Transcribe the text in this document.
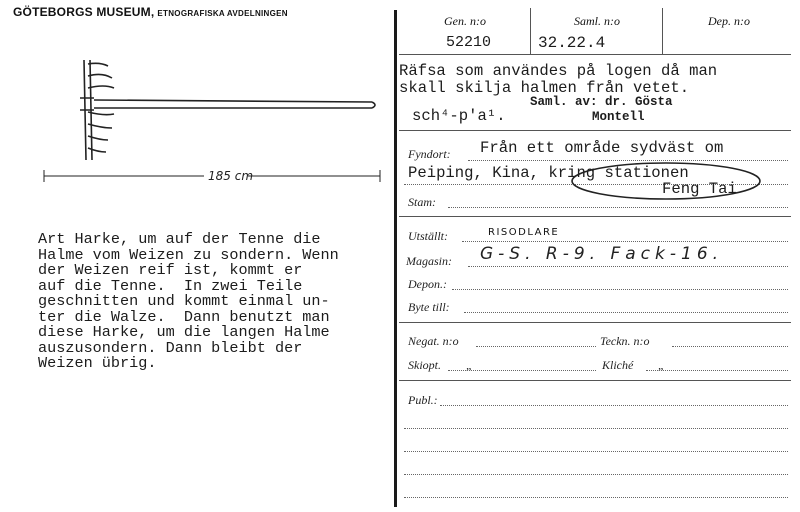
GÖTEBORGS MUSEUM, ETNOGRAFISKA AVDELNINGEN
185 cm
Art Harke, um auf der Tenne die
Halme vom Weizen zu sondern. Wenn
der Weizen reif ist, kommt er
auf die Tenne.  In zwei Teile
geschnitten und kommt einmal un-
ter die Walze.  Dann benutzt man
diese Harke, um die langen Halme
auszusondern. Dann bleibt der
Weizen übrig.
Gen. n:o	Saml. n:o	Dep. n:o
52210	32.22.4
Räfsa som användes på logen då man
skall skilja halmen från vetet.
sch⁴-p'a¹.
Saml. av: dr. Gösta
Montell
Fyndort: Från ett område sydväst om
Peiping, Kina, kring stationen
Feng Tai
Stam:
Utställt:	RISODLARE
Magasin: G-S. R-9. Fack-16.
Depon.:
Byte till:
Negat. n:o	Teckn. n:o
Skiopt. „	Kliché „
Publ.:
